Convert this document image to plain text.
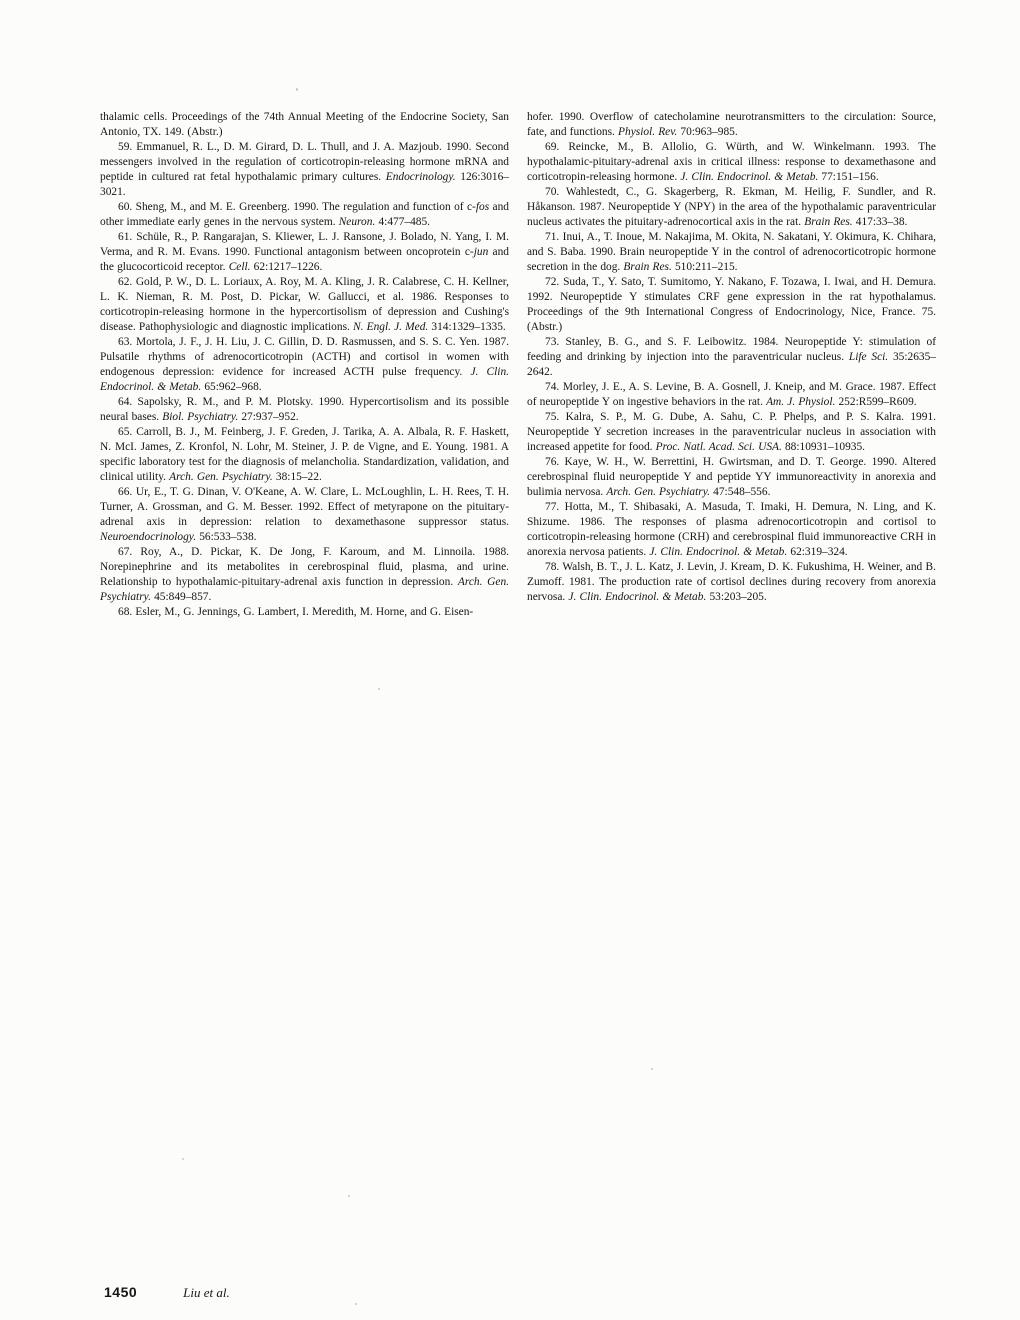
thalamic cells. Proceedings of the 74th Annual Meeting of the Endocrine Society, San Antonio, TX. 149. (Abstr.)

59. Emmanuel, R. L., D. M. Girard, D. L. Thull, and J. A. Mazjoub. 1990. Second messengers involved in the regulation of corticotropin-releasing hormone mRNA and peptide in cultured rat fetal hypothalamic primary cultures. Endocrinology. 126:3016–3021.

60. Sheng, M., and M. E. Greenberg. 1990. The regulation and function of c-fos and other immediate early genes in the nervous system. Neuron. 4:477–485.

61. Schüle, R., P. Rangarajan, S. Kliewer, L. J. Ransone, J. Bolado, N. Yang, I. M. Verma, and R. M. Evans. 1990. Functional antagonism between oncoprotein c-jun and the glucocorticoid receptor. Cell. 62:1217–1226.

62. Gold, P. W., D. L. Loriaux, A. Roy, M. A. Kling, J. R. Calabrese, C. H. Kellner, L. K. Nieman, R. M. Post, D. Pickar, W. Gallucci, et al. 1986. Responses to corticotropin-releasing hormone in the hypercortisolism of depression and Cushing's disease. Pathophysiologic and diagnostic implications. N. Engl. J. Med. 314:1329–1335.

63. Mortola, J. F., J. H. Liu, J. C. Gillin, D. D. Rasmussen, and S. S. C. Yen. 1987. Pulsatile rhythms of adrenocorticotropin (ACTH) and cortisol in women with endogenous depression: evidence for increased ACTH pulse frequency. J. Clin. Endocrinol. & Metab. 65:962–968.

64. Sapolsky, R. M., and P. M. Plotsky. 1990. Hypercortisolism and its possible neural bases. Biol. Psychiatry. 27:937–952.

65. Carroll, B. J., M. Feinberg, J. F. Greden, J. Tarika, A. A. Albala, R. F. Haskett, N. McI. James, Z. Kronfol, N. Lohr, M. Steiner, J. P. de Vigne, and E. Young. 1981. A specific laboratory test for the diagnosis of melancholia. Standardization, validation, and clinical utility. Arch. Gen. Psychiatry. 38:15–22.

66. Ur, E., T. G. Dinan, V. O'Keane, A. W. Clare, L. McLoughlin, L. H. Rees, T. H. Turner, A. Grossman, and G. M. Besser. 1992. Effect of metyrapone on the pituitary-adrenal axis in depression: relation to dexamethasone suppressor status. Neuroendocrinology. 56:533–538.

67. Roy, A., D. Pickar, K. De Jong, F. Karoum, and M. Linnoila. 1988. Norepinephrine and its metabolites in cerebrospinal fluid, plasma, and urine. Relationship to hypothalamic-pituitary-adrenal axis function in depression. Arch. Gen. Psychiatry. 45:849–857.

68. Esler, M., G. Jennings, G. Lambert, I. Meredith, M. Horne, and G. Eisen-

hofer. 1990. Overflow of catecholamine neurotransmitters to the circulation: Source, fate, and functions. Physiol. Rev. 70:963–985.

69. Reincke, M., B. Allolio, G. Würth, and W. Winkelmann. 1993. The hypothalamic-pituitary-adrenal axis in critical illness: response to dexamethasone and corticotropin-releasing hormone. J. Clin. Endocrinol. & Metab. 77:151–156.

70. Wahlestedt, C., G. Skagerberg, R. Ekman, M. Heilig, F. Sundler, and R. Håkanson. 1987. Neuropeptide Y (NPY) in the area of the hypothalamic paraventricular nucleus activates the pituitary-adrenocortical axis in the rat. Brain Res. 417:33–38.

71. Inui, A., T. Inoue, M. Nakajima, M. Okita, N. Sakatani, Y. Okimura, K. Chihara, and S. Baba. 1990. Brain neuropeptide Y in the control of adrenocorticotropic hormone secretion in the dog. Brain Res. 510:211–215.

72. Suda, T., Y. Sato, T. Sumitomo, Y. Nakano, F. Tozawa, I. Iwai, and H. Demura. 1992. Neuropeptide Y stimulates CRF gene expression in the rat hypothalamus. Proceedings of the 9th International Congress of Endocrinology, Nice, France. 75. (Abstr.)

73. Stanley, B. G., and S. F. Leibowitz. 1984. Neuropeptide Y: stimulation of feeding and drinking by injection into the paraventricular nucleus. Life Sci. 35:2635–2642.

74. Morley, J. E., A. S. Levine, B. A. Gosnell, J. Kneip, and M. Grace. 1987. Effect of neuropeptide Y on ingestive behaviors in the rat. Am. J. Physiol. 252:R599–R609.

75. Kalra, S. P., M. G. Dube, A. Sahu, C. P. Phelps, and P. S. Kalra. 1991. Neuropeptide Y secretion increases in the paraventricular nucleus in association with increased appetite for food. Proc. Natl. Acad. Sci. USA. 88:10931–10935.

76. Kaye, W. H., W. Berrettini, H. Gwirtsman, and D. T. George. 1990. Altered cerebrospinal fluid neuropeptide Y and peptide YY immunoreactivity in anorexia and bulimia nervosa. Arch. Gen. Psychiatry. 47:548–556.

77. Hotta, M., T. Shibasaki, A. Masuda, T. Imaki, H. Demura, N. Ling, and K. Shizume. 1986. The responses of plasma adrenocorticotropin and cortisol to corticotropin-releasing hormone (CRH) and cerebrospinal fluid immunoreactive CRH in anorexia nervosa patients. J. Clin. Endocrinol. & Metab. 62:319–324.

78. Walsh, B. T., J. L. Katz, J. Levin, J. Kream, D. K. Fukushima, H. Weiner, and B. Zumoff. 1981. The production rate of cortisol declines during recovery from anorexia nervosa. J. Clin. Endocrinol. & Metab. 53:203–205.

1450	Liu et al.
